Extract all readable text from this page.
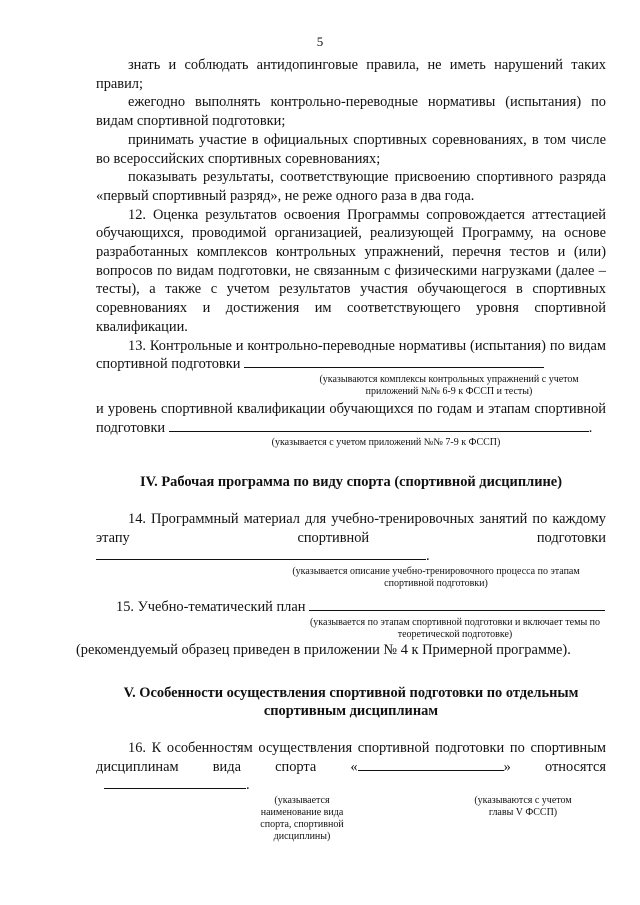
5

знать и соблюдать антидопинговые правила, не иметь нарушений таких правил;

ежегодно выполнять контрольно-переводные нормативы (испытания) по видам спортивной подготовки;

принимать участие в официальных спортивных соревнованиях, в том числе во всероссийских спортивных соревнованиях;

показывать результаты, соответствующие присвоению спортивного разряда «первый спортивный разряд», не реже одного раза в два года.

12. Оценка результатов освоения Программы сопровождается аттестацией обучающихся, проводимой организацией, реализующей Программу, на основе разработанных комплексов контрольных упражнений, перечня тестов и (или) вопросов по видам подготовки, не связанным с физическими нагрузками (далее – тесты), а также с учетом результатов участия обучающегося в спортивных соревнованиях и достижения им соответствующего уровня спортивной квалификации.

13. Контрольные и контрольно-переводные нормативы (испытания) по видам

спортивной подготовки

(указываются комплексы контрольных упражнений с учетом приложений №№ 6-9 к ФССП и тесты)

и уровень спортивной квалификации обучающихся по годам и этапам спортивной

подготовки	.

(указывается с учетом приложений №№ 7-9 к ФССП)

IV. Рабочая программа по виду спорта (спортивной дисциплине)

14. Программный материал для учебно-тренировочных занятий по каждому

этапу спортивной подготовки .

(указывается описание учебно-тренировочного процесса по этапам спортивной подготовки)

15. Учебно-тематический план

(указывается по этапам спортивной подготовки и включает темы по теоретической подготовке)

(рекомендуемый образец приведен в приложении № 4 к Примерной программе).

V. Особенности осуществления спортивной подготовки по отдельным
спортивным дисциплинам

16. К особенностям осуществления спортивной подготовки по спортивным

дисциплинам вида спорта «	» относятся .

(указывается наименование вида спорта, спортивной дисциплины)

(указываются с учетом главы V ФССП)
